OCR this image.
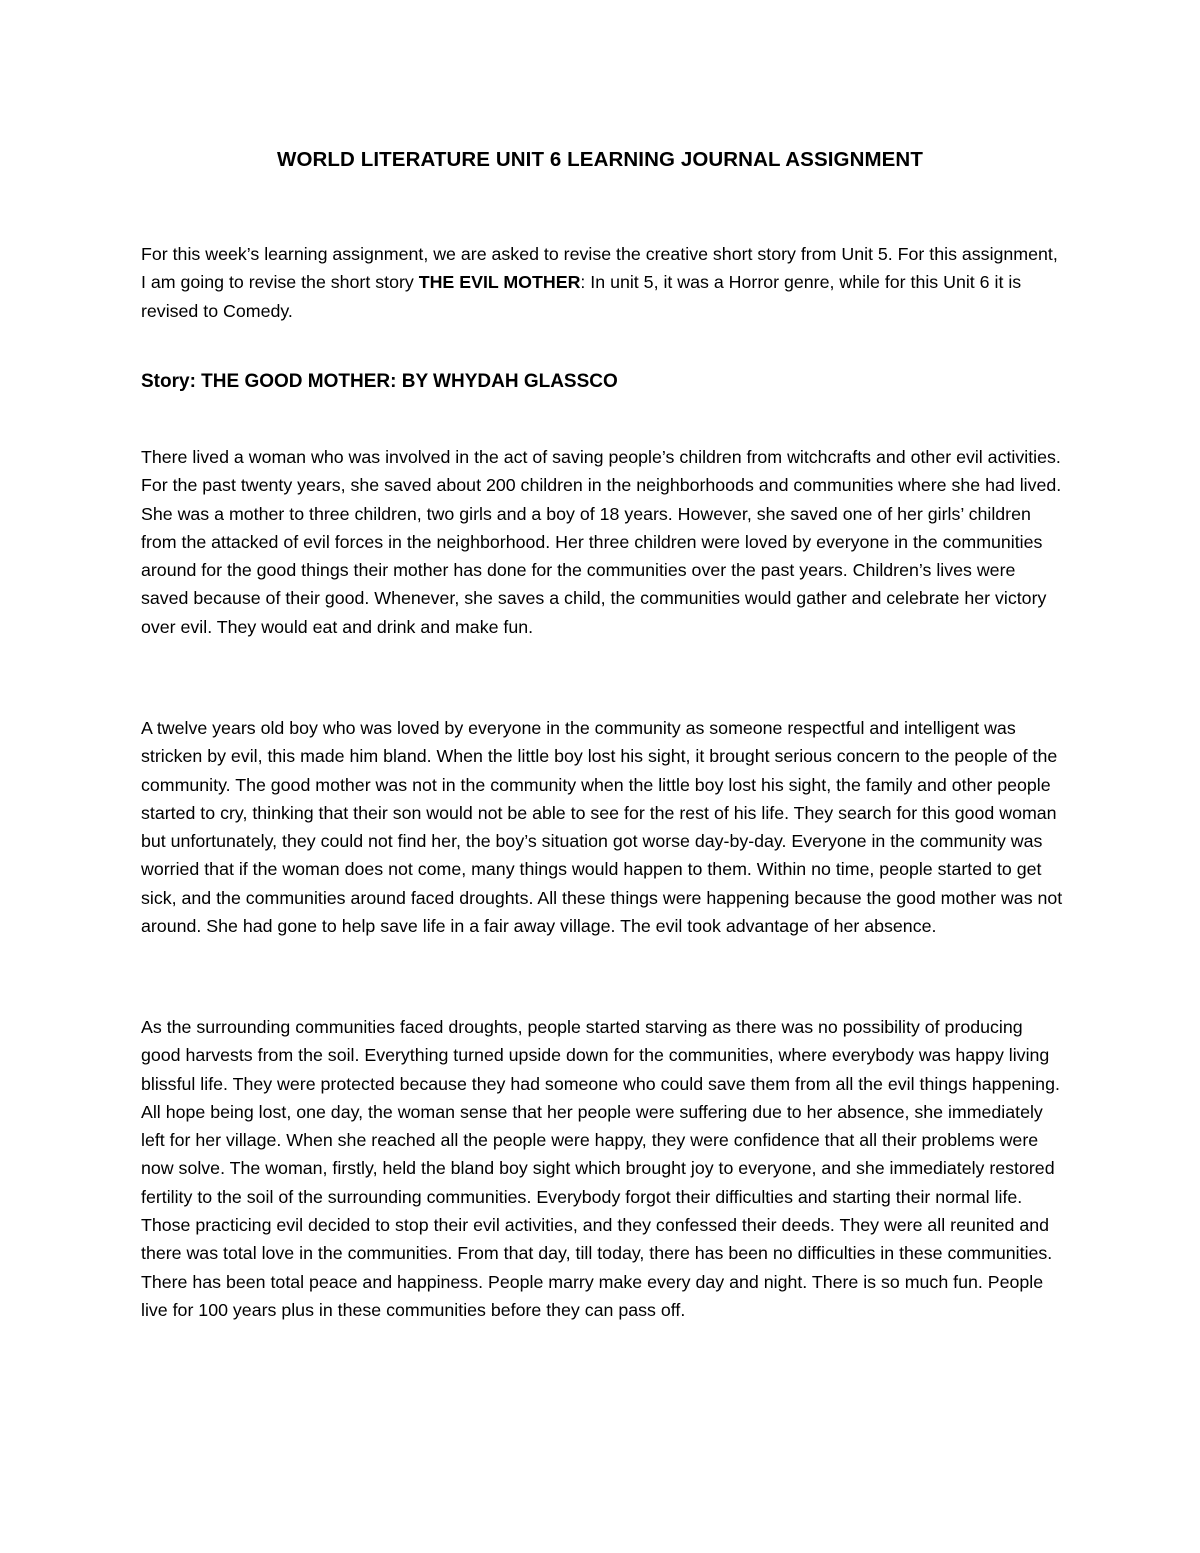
WORLD LITERATURE UNIT 6 LEARNING JOURNAL ASSIGNMENT

For this week’s learning assignment, we are asked to revise the creative short story from Unit 5. For this assignment, I am going to revise the short story THE EVIL MOTHER: In unit 5, it was a Horror genre, while for this Unit 6 it is revised to Comedy.

Story: THE GOOD MOTHER: BY WHYDAH GLASSCO

There lived a woman who was involved in the act of saving people’s children from witchcrafts and other evil activities. For the past twenty years, she saved about 200 children in the neighborhoods and communities where she had lived. She was a mother to three children, two girls and a boy of 18 years. However, she saved one of her girls’ children from the attacked of evil forces in the neighborhood. Her three children were loved by everyone in the communities around for the good things their mother has done for the communities over the past years. Children’s lives were saved because of their good. Whenever, she saves a child, the communities would gather and celebrate her victory over evil. They would eat and drink and make fun.

A twelve years old boy who was loved by everyone in the community as someone respectful and intelligent was stricken by evil, this made him bland. When the little boy lost his sight, it brought serious concern to the people of the community. The good mother was not in the community when the little boy lost his sight, the family and other people started to cry, thinking that their son would not be able to see for the rest of his life. They search for this good woman but unfortunately, they could not find her, the boy’s situation got worse day-by-day. Everyone in the community was worried that if the woman does not come, many things would happen to them. Within no time, people started to get sick, and the communities around faced droughts. All these things were happening because the good mother was not around. She had gone to help save life in a fair away village. The evil took advantage of her absence.

As the surrounding communities faced droughts, people started starving as there was no possibility of producing good harvests from the soil. Everything turned upside down for the communities, where everybody was happy living blissful life. They were protected because they had someone who could save them from all the evil things happening. All hope being lost, one day, the woman sense that her people were suffering due to her absence, she immediately left for her village. When she reached all the people were happy, they were confidence that all their problems were now solve. The woman, firstly, held the bland boy sight which brought joy to everyone, and she immediately restored fertility to the soil of the surrounding communities. Everybody forgot their difficulties and starting their normal life. Those practicing evil decided to stop their evil activities, and they confessed their deeds. They were all reunited and there was total love in the communities. From that day, till today, there has been no difficulties in these communities. There has been total peace and happiness. People marry make every day and night. There is so much fun. People live for 100 years plus in these communities before they can pass off.
